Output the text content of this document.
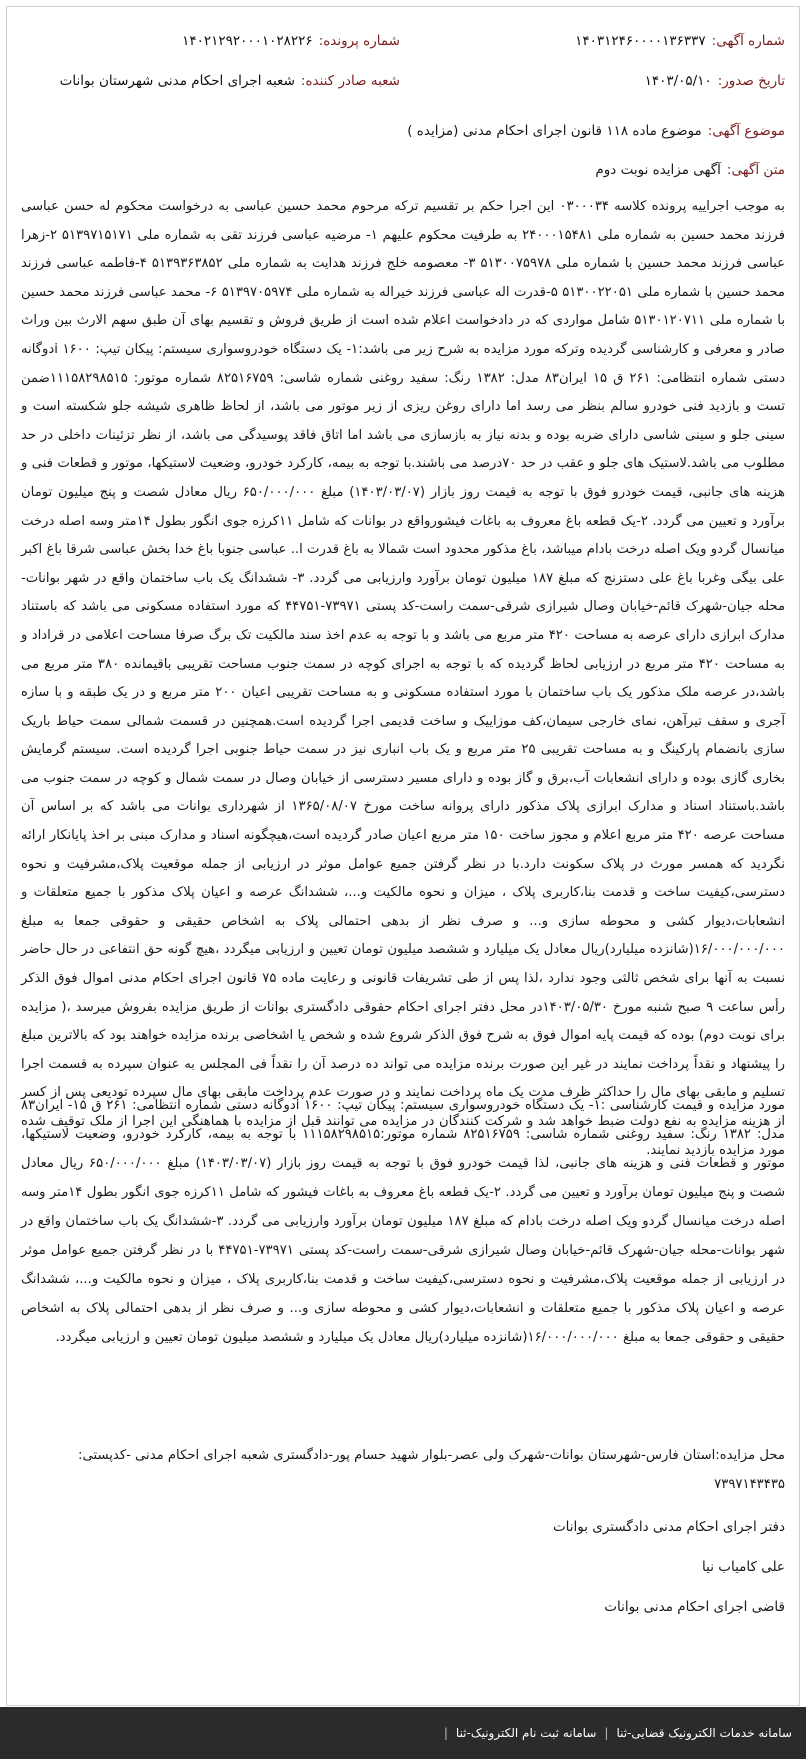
شماره آگهی:۱۴۰۳۱۲۴۶۰۰۰۰۱۳۶۳۳۷
شماره پرونده:۱۴۰۲۱۲۹۲۰۰۰۱۰۲۸۲۲۶
تاریخ صدور:۱۴۰۳/۰۵/۱۰
شعبه صادر کننده:شعبه اجرای احکام مدنی شهرستان بوانات
موضوع آگهی:موضوع ماده ۱۱۸ قانون اجرای احکام مدنی (مزایده )
متن آگهی:آگهی مزایده نوبت دوم

به موجب اجراییه پرونده کلاسه ۰۳۰۰۰۳۴ این اجرا حکم بر تقسیم ترکه مرحوم محمد حسین عباسی به درخواست محکوم له حسن عباسی فرزند محمد حسین به شماره ملی ۲۴۰۰۰۱۵۴۸۱ به طرفیت محکوم علیهم ۱- مرضیه عباسی فرزند تقی به شماره ملی ۵۱۳۹۷۱۵۱۷۱ ۲-زهرا عباسی فرزند محمد حسین با شماره ملی ۵۱۳۰۰۷۵۹۷۸ ۳- معصومه خلج فرزند هدایت به شماره ملی ۵۱۳۹۳۶۳۸۵۲ ۴-فاطمه عباسی فرزند محمد حسین با شماره ملی ۵۱۳۰۰۲۲۰۵۱ ۵-قدرت اله عباسی فرزند خیراله به شماره ملی ۵۱۳۹۷۰۵۹۷۴ ۶- محمد عباسی فرزند محمد حسین با شماره ملی ۵۱۳۰۱۲۰۷۱۱ شامل مواردی که در دادخواست اعلام شده است از طریق فروش و تقسیم بهای آن طبق سهم الارث بین وراث صادر و معرفی و کارشناسی گردیده وترکه مورد مزایده به شرح زیر می باشد:۱- یک دستگاه خودروسواری سیستم: پیکان تیپ: ۱۶۰۰ iدوگانه دستی شماره انتظامی: ۲۶۱ ق ۱۵ ایران۸۳ مدل: ۱۳۸۲ رنگ: سفید روغنی شماره شاسی: ۸۲۵۱۶۷۵۹ شماره موتور: ۱۱۱۵۸۲۹۸۵۱۵ضمن تست و بازدید فنی خودرو سالم بنظر می رسد اما دارای روغن ریزی از زیر موتور می باشد، از لحاظ ظاهری شیشه جلو شکسته است و سینی جلو و سینی شاسی دارای ضربه بوده و بدنه نیاز به بازسازی می باشد اما اتاق فاقد پوسیدگی می باشد، از نظر تزئینات داخلی در حد مطلوب می باشد.لاستیک های جلو و عقب در حد ۷۰درصد می باشند.با توجه به بیمه، کارکرد خودرو، وضعیت لاستیکها، موتور و قطعات فنی و هزینه های جانبی، قیمت خودرو فوق با توجه به قیمت روز بازار (۱۴۰۳/۰۳/۰۷) مبلغ ۶۵۰/۰۰۰/۰۰۰ ریال معادل شصت و پنج میلیون تومان برآورد و تعیین می گردد. ۲-یک قطعه باغ معروف به باغات فیشورواقع در بوانات که شامل ۱۱کرزه جوی انگور بطول ۱۴متر وسه اصله درخت میانسال گردو ویک اصله درخت بادام میباشد، باغ مذکور محدود است شمالا به باغ قدرت ا.. عباسی جنوبا باغ خدا بخش عباسی شرقا باغ اکبر علی بیگی وغربا باغ علی دستزنج که مبلغ ۱۸۷ میلیون تومان برآورد وارزیابی می گردد. ۳- ششدانگ یک باب ساختمان واقع در شهر بوانات-محله جیان-شهرک قائم-خیابان وصال شیرازی شرقی-سمت راست-کد پستی ۷۳۹۷۱-۴۴۷۵۱ که مورد استفاده مسکونی می باشد که باستناد مدارک ابرازی دارای عرصه به مساحت ۴۲۰ متر مربع می باشد و با توجه به عدم اخذ سند مالکیت تک برگ صرفا مساحت اعلامی در قراداد و به مساحت ۴۲۰ متر مربع در ارزیابی لحاظ گردیده که با توجه به اجرای کوچه در سمت جنوب مساحت تقریبی باقیمانده ۳۸۰ متر مربع می باشد،در عرصه ملک مذکور یک باب ساختمان با مورد استفاده مسکونی و به مساحت تقریبی اعیان ۲۰۰ متر مربع و در یک طبقه و با سازه آجری و سقف تیرآهن، نمای خارجی سیمان،کف موزاییک و ساخت قدیمی اجرا گردیده است.همچنین در قسمت شمالی سمت حیاط باریک سازی بانضمام پارکینگ و به مساحت تقریبی ۲۵ متر مربع و یک باب انباری نیز در سمت حیاط جنوبی اجرا گردیده است. سیستم گرمایش بخاری گازی بوده و دارای انشعابات آب،برق و گاز بوده و دارای مسیر دسترسی از خیابان وصال در سمت شمال و کوچه در سمت جنوب می باشد.باستناد اسناد و مدارک ابرازی پلاک مذکور دارای پروانه ساخت مورخ ۱۳۶۵/۰۸/۰۷ از شهرداری بوانات می باشد که بر اساس آن مساحت عرصه ۴۲۰ متر مربع اعلام و مجوز ساخت ۱۵۰ متر مربع اعیان صادر گردیده است،هیچگونه اسناد و مدارک مبنی بر اخذ پایانکار ارائه نگردید که همسر مورث در پلاک سکونت دارد.با در نظر گرفتن جمیع عوامل موثر در ارزیابی از جمله موقعیت پلاک،مشرفیت و نحوه دسترسی،کیفیت ساخت و قدمت بنا،کاربری پلاک ، میزان و نحوه مالکیت و...، ششدانگ عرصه و اعیان پلاک مذکور با جمیع متعلقات و انشعابات،دیوار کشی و محوطه سازی و... و صرف نظر از بدهی احتمالی پلاک به اشخاص حقیقی و حقوقی جمعا به مبلغ ۱۶/۰۰۰/۰۰۰/۰۰۰(شانزده میلیارد)ریال معادل یک میلیارد و ششصد میلیون تومان تعیین و ارزیابی میگردد ،هیچ گونه حق انتفاعی در حال حاضر نسبت به آنها برای شخص ثالثی وجود ندارد ،لذا پس از طی تشریفات قانونی و رعایت ماده ۷۵ قانون اجرای احکام مدنی اموال فوق الذکر رأس ساعت ۹ صبح شنبه مورخ ۱۴۰۳/۰۵/۳۰در محل دفتر اجرای احکام حقوقی دادگستری بوانات از طریق مزایده بفروش میرسد ،( مزایده برای نوبت دوم) بوده که قیمت پایه اموال فوق به شرح فوق الذکر شروع شده و شخص یا اشخاصی برنده مزایده خواهند بود که بالاترین مبلغ را پیشنهاد و نقداً پرداخت نمایند در غیر این صورت برنده مزایده می تواند ده درصد آن را نقداً فی المجلس به عنوان سپرده به قسمت اجرا تسلیم و مابقی بهای مال را حداکثر ظرف مدت یک ماه پرداخت نمایند و در صورت عدم پرداخت مابقی بهای مال سپرده تودیعی پس از کسر از هزینه مزایده به نفع دولت ضبط خواهد شد و شرکت کنندگان در مزایده می توانند قبل از مزایده با هماهنگی این اجرا از ملک توقیف شده مورد مزایده بازدید نمایند.

مورد مزایده و قیمت کارشناسی :۱- یک دستگاه خودروسواری سیستم: پیکان تیپ: ۱۶۰۰ iدوگانه دستی شماره انتظامی: ۲۶۱ ق ۱۵- ایران۸۳ مدل: ۱۳۸۲ رنگ: سفید روغنی شماره شاسی: ۸۲۵۱۶۷۵۹ شماره موتور:۱۱۱۵۸۲۹۸۵۱۵ با توجه به بیمه، کارکرد خودرو، وضعیت لاستیکها، موتور و قطعات فنی و هزینه های جانبی، لذا قیمت خودرو فوق با توجه به قیمت روز بازار (۱۴۰۳/۰۳/۰۷) مبلغ ۶۵۰/۰۰۰/۰۰۰ ریال معادل شصت و پنج میلیون تومان برآورد و تعیین می گردد. ۲-یک قطعه باغ معروف به باغات فیشور که شامل ۱۱کرزه جوی انگور بطول ۱۴متر وسه اصله درخت میانسال گردو ویک اصله درخت بادام که مبلغ ۱۸۷ میلیون تومان برآورد وارزیابی می گردد. ۳-ششدانگ یک باب ساختمان واقع در شهر بوانات-محله جیان-شهرک قائم-خیابان وصال شیرازی شرقی-سمت راست-کد پستی ۷۳۹۷۱-۴۴۷۵۱ با در نظر گرفتن جمیع عوامل موثر در ارزیابی از جمله موقعیت پلاک،مشرفیت و نحوه دسترسی،کیفیت ساخت و قدمت بنا،کاربری پلاک ، میزان و نحوه مالکیت و...، ششدانگ عرصه و اعیان پلاک مذکور با جمیع متعلقات و انشعابات،دیوار کشی و محوطه سازی و... و صرف نظر از بدهی احتمالی پلاک به اشخاص حقیقی و حقوقی جمعا به مبلغ ۱۶/۰۰۰/۰۰۰/۰۰۰(شانزده میلیارد)ریال معادل یک میلیارد و ششصد میلیون تومان تعیین و ارزیابی میگردد.

محل مزایده:استان فارس-شهرستان بوانات-شهرک ولی عصر-بلوار شهید حسام پور-دادگستری شعبه اجرای احکام مدنی -کدپستی: ۷۳۹۷۱۴۳۴۳۵

دفتر اجرای احکام مدنی دادگستری بوانات
علی کامیاب نیا
قاضی اجرای احکام مدنی بوانات
سامانه خدمات الکترونیک قضایی-ثنا
|
سامانه ثبت نام الکترونیک-ثنا
|
